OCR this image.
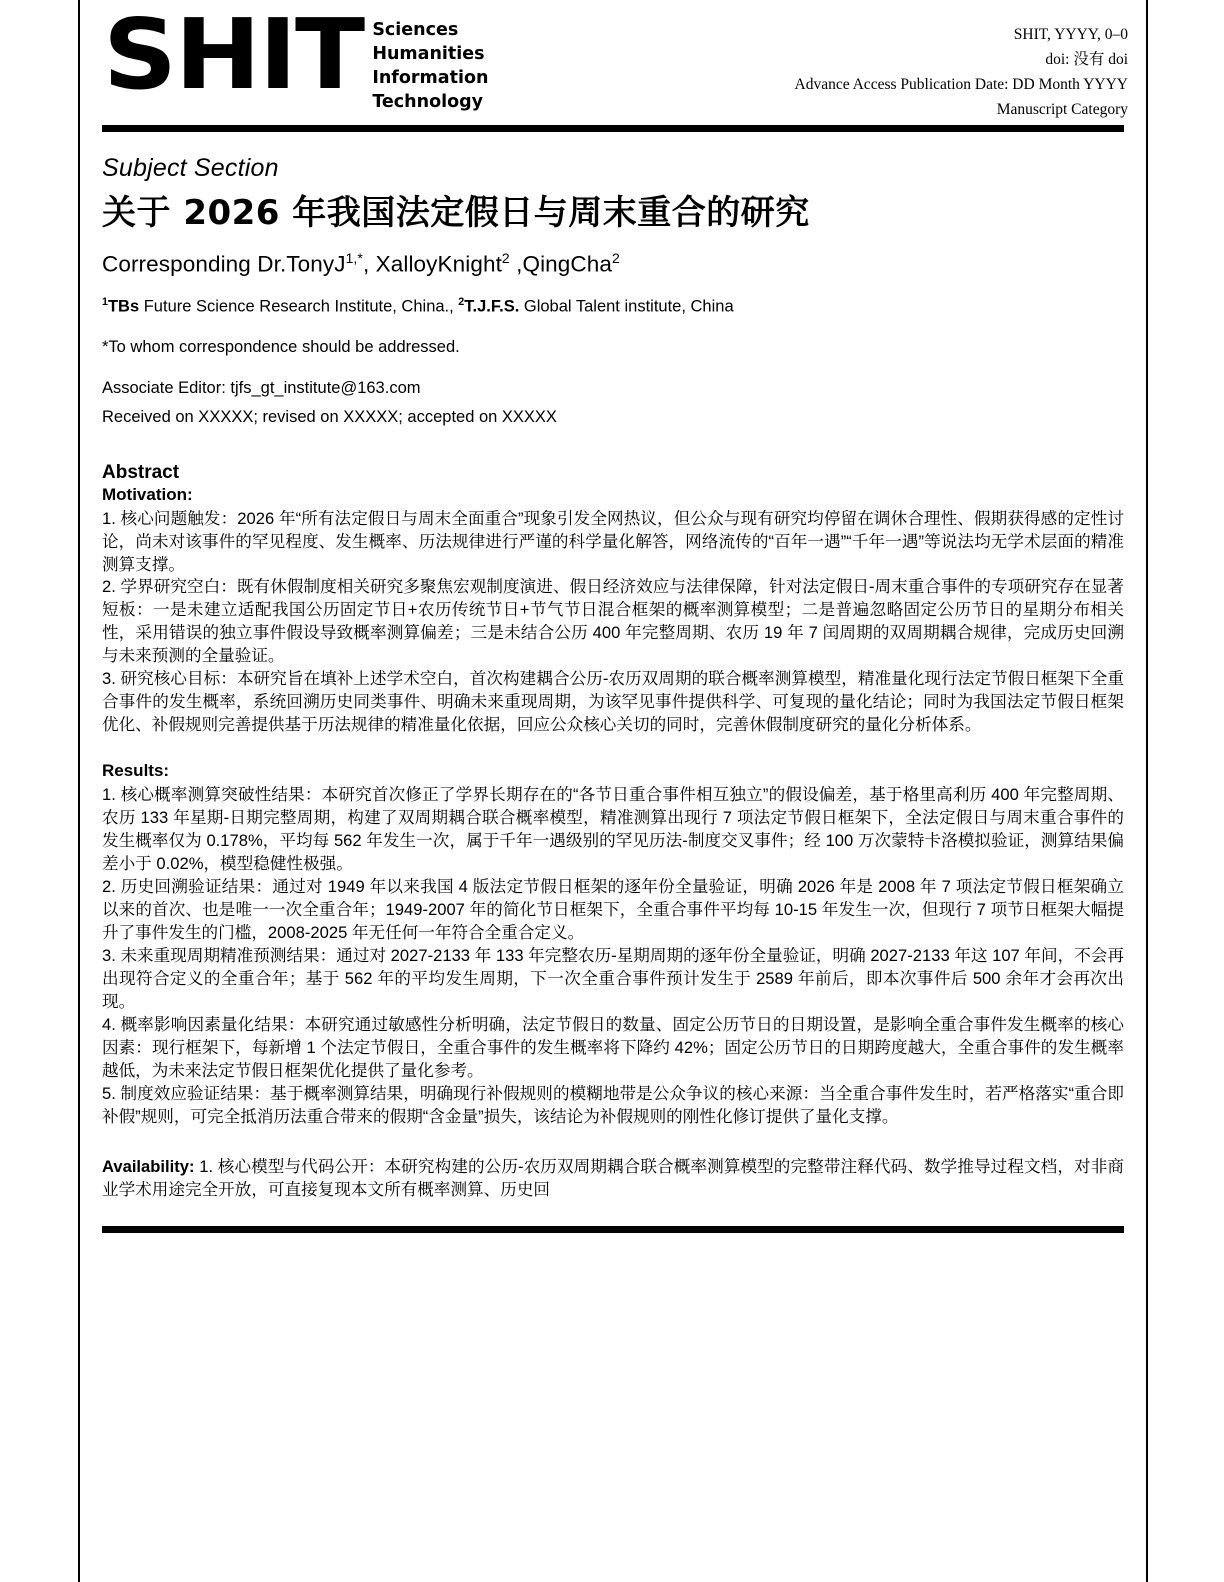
SHIT Sciences
Humanities
Information
Technology
SHIT, YYYY, 0–0
doi: 没有 doi
Advance Access Publication Date: DD Month YYYY
Manuscript Category
Subject Section
关于 2026 年我国法定假日与周末重合的研究
Corresponding Dr.TonyJ$^{1,*}$, XalloyKnight$^2$ ,QingCha$^2$
$^1$TBs Future Science Research Institute, China., $^2$T.J.F.S. Global Talent institute, China
*To whom correspondence should be addressed.
Associate Editor: tjfs_gt_institute@163.com
Received on XXXXX; revised on XXXXX; accepted on XXXXX
Abstract
Motivation:

1. 核心问题触发：2026 年“所有法定假日与周末全面重合”现象引发全网热议，但公众与现有研究均停留在调休合理性、假期获得感的定性讨论，尚未对该事件的罕见程度、发生概率、历法规律进行严谨的科学量化解答，网络流传的“百年一遇”“千年一遇”等说法均无学术层面的精准测算支撑。

2. 学界研究空白：既有休假制度相关研究多聚焦宏观制度演进、假日经济效应与法律保障，针对法定假日-周末重合事件的专项研究存在显著短板：一是未建立适配我国公历固定节日+农历传统节日+节气节日混合框架的概率测算模型；二是普遍忽略固定公历节日的星期分布相关性，采用错误的独立事件假设导致概率测算偏差；三是未结合公历 400 年完整周期、农历 19 年 7 闰周期的双周期耦合规律，完成历史回溯与未来预测的全量验证。

3. 研究核心目标：本研究旨在填补上述学术空白，首次构建耦合公历-农历双周期的联合概率测算模型，精准量化现行法定节假日框架下全重合事件的发生概率，系统回溯历史同类事件、明确未来重现周期，为该罕见事件提供科学、可复现的量化结论；同时为我国法定节假日框架优化、补假规则完善提供基于历法规律的精准量化依据，回应公众核心关切的同时，完善休假制度研究的量化分析体系。

Results:

1. 核心概率测算突破性结果：本研究首次修正了学界长期存在的“各节日重合事件相互独立”的假设偏差，基于格里高利历 400 年完整周期、农历 133 年星期-日期完整周期，构建了双周期耦合联合概率模型，精准测算出现行 7 项法定节假日框架下，全法定假日与周末重合事件的发生概率仅为 0.178%，平均每 562 年发生一次，属于千年一遇级别的罕见历法-制度交叉事件；经 100 万次蒙特卡洛模拟验证，测算结果偏差小于 0.02%，模型稳健性极强。

2. 历史回溯验证结果：通过对 1949 年以来我国 4 版法定节假日框架的逐年份全量验证，明确 2026 年是 2008 年 7 项法定节假日框架确立以来的首次、也是唯一一次全重合年；1949-2007 年的简化节日框架下，全重合事件平均每 10-15 年发生一次，但现行 7 项节日框架大幅提升了事件发生的门槛，2008-2025 年无任何一年符合全重合定义。

3. 未来重现周期精准预测结果：通过对 2027-2133 年 133 年完整农历-星期周期的逐年份全量验证，明确 2027-2133 年这 107 年间，不会再出现符合定义的全重合年；基于 562 年的平均发生周期，下一次全重合事件预计发生于 2589 年前后，即本次事件后 500 余年才会再次出现。

4. 概率影响因素量化结果：本研究通过敏感性分析明确，法定节假日的数量、固定公历节日的日期设置，是影响全重合事件发生概率的核心因素：现行框架下，每新增 1 个法定节假日，全重合事件的发生概率将下降约 42%；固定公历节日的日期跨度越大，全重合事件的发生概率越低，为未来法定节假日框架优化提供了量化参考。

5. 制度效应验证结果：基于概率测算结果，明确现行补假规则的模糊地带是公众争议的核心来源：当全重合事件发生时，若严格落实“重合即补假”规则，可完全抵消历法重合带来的假期“含金量”损失，该结论为补假规则的刚性化修订提供了量化支撑。

Availability: 1. 核心模型与代码公开：本研究构建的公历-农历双周期耦合联合概率测算模型的完整带注释代码、数学推导过程文档，对非商业学术用途完全开放，可直接复现本文所有概率测算、历史回
